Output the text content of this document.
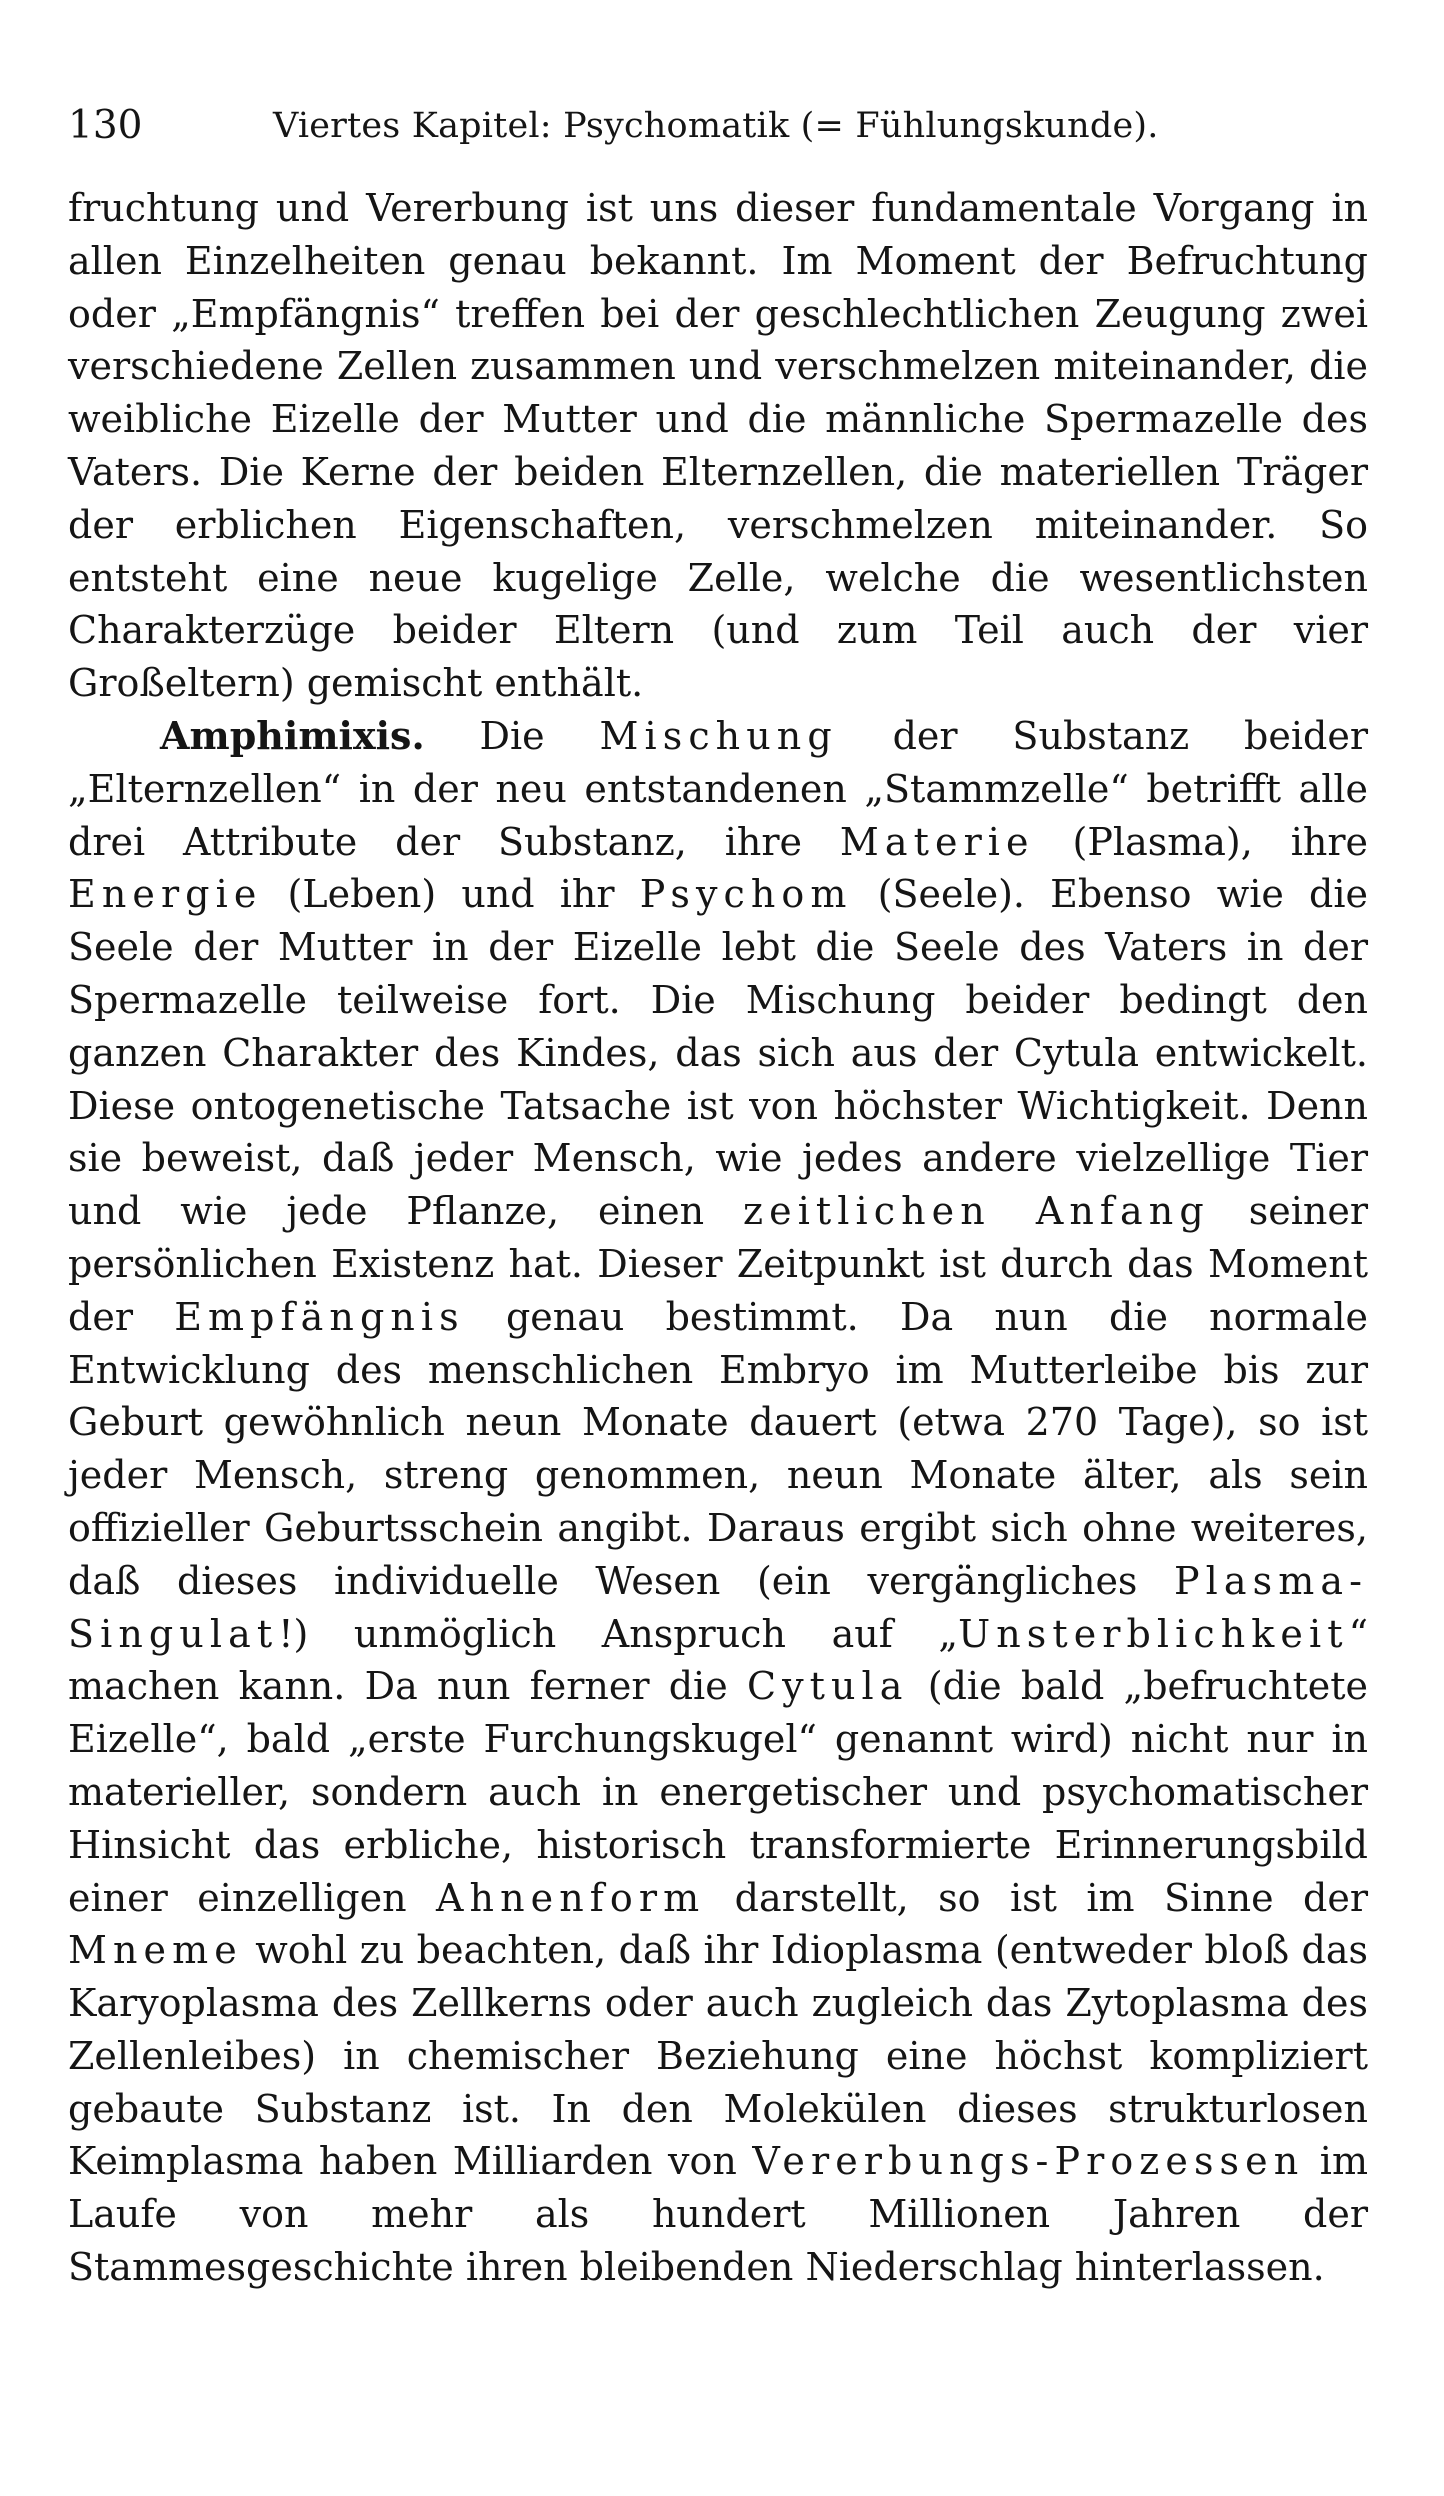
130	Viertes Kapitel: Psychomatik (= Fühlungskunde).

fruchtung und Vererbung ist uns dieser fundamentale Vorgang in allen Einzelheiten genau bekannt. Im Moment der Befruchtung oder „Empfängnis“ treffen bei der geschlechtlichen Zeugung zwei verschiedene Zellen zusammen und verschmelzen miteinander, die weibliche Eizelle der Mutter und die männliche Spermazelle des Vaters. Die Kerne der beiden Elternzellen, die materiellen Träger der erblichen Eigenschaften, verschmelzen miteinander. So entsteht eine neue kugelige Zelle, welche die wesentlichsten Charakterzüge beider Eltern (und zum Teil auch der vier Großeltern) gemischt enthält.

Amphimixis. Die Mischung der Substanz beider „Elternzellen“ in der neu entstandenen „Stammzelle“ betrifft alle drei Attribute der Substanz, ihre Materie (Plasma), ihre Energie (Leben) und ihr Psychom (Seele). Ebenso wie die Seele der Mutter in der Eizelle lebt die Seele des Vaters in der Spermazelle teilweise fort. Die Mischung beider bedingt den ganzen Charakter des Kindes, das sich aus der Cytula entwickelt. Diese ontogenetische Tatsache ist von höchster Wichtigkeit. Denn sie beweist, daß jeder Mensch, wie jedes andere vielzellige Tier und wie jede Pflanze, einen zeitlichen Anfang seiner persönlichen Existenz hat. Dieser Zeitpunkt ist durch das Moment der Empfängnis genau bestimmt. Da nun die normale Entwicklung des menschlichen Embryo im Mutterleibe bis zur Geburt gewöhnlich neun Monate dauert (etwa 270 Tage), so ist jeder Mensch, streng genommen, neun Monate älter, als sein offizieller Geburtsschein angibt. Daraus ergibt sich ohne weiteres, daß dieses individuelle Wesen (ein vergängliches Plasma-Singulat!) unmöglich Anspruch auf „Unsterblichkeit“ machen kann. Da nun ferner die Cytula (die bald „befruchtete Eizelle“, bald „erste Furchungskugel“ genannt wird) nicht nur in materieller, sondern auch in energetischer und psychomatischer Hinsicht das erbliche, historisch transformierte Erinnerungsbild einer einzelligen Ahnenform darstellt, so ist im Sinne der Mneme wohl zu beachten, daß ihr Idioplasma (entweder bloß das Karyoplasma des Zellkerns oder auch zugleich das Zytoplasma des Zellenleibes) in chemischer Beziehung eine höchst kompliziert gebaute Substanz ist. In den Molekülen dieses strukturlosen Keimplasma haben Milliarden von Vererbungs-Prozessen im Laufe von mehr als hundert Millionen Jahren der Stammesgeschichte ihren bleibenden Niederschlag hinterlassen.
